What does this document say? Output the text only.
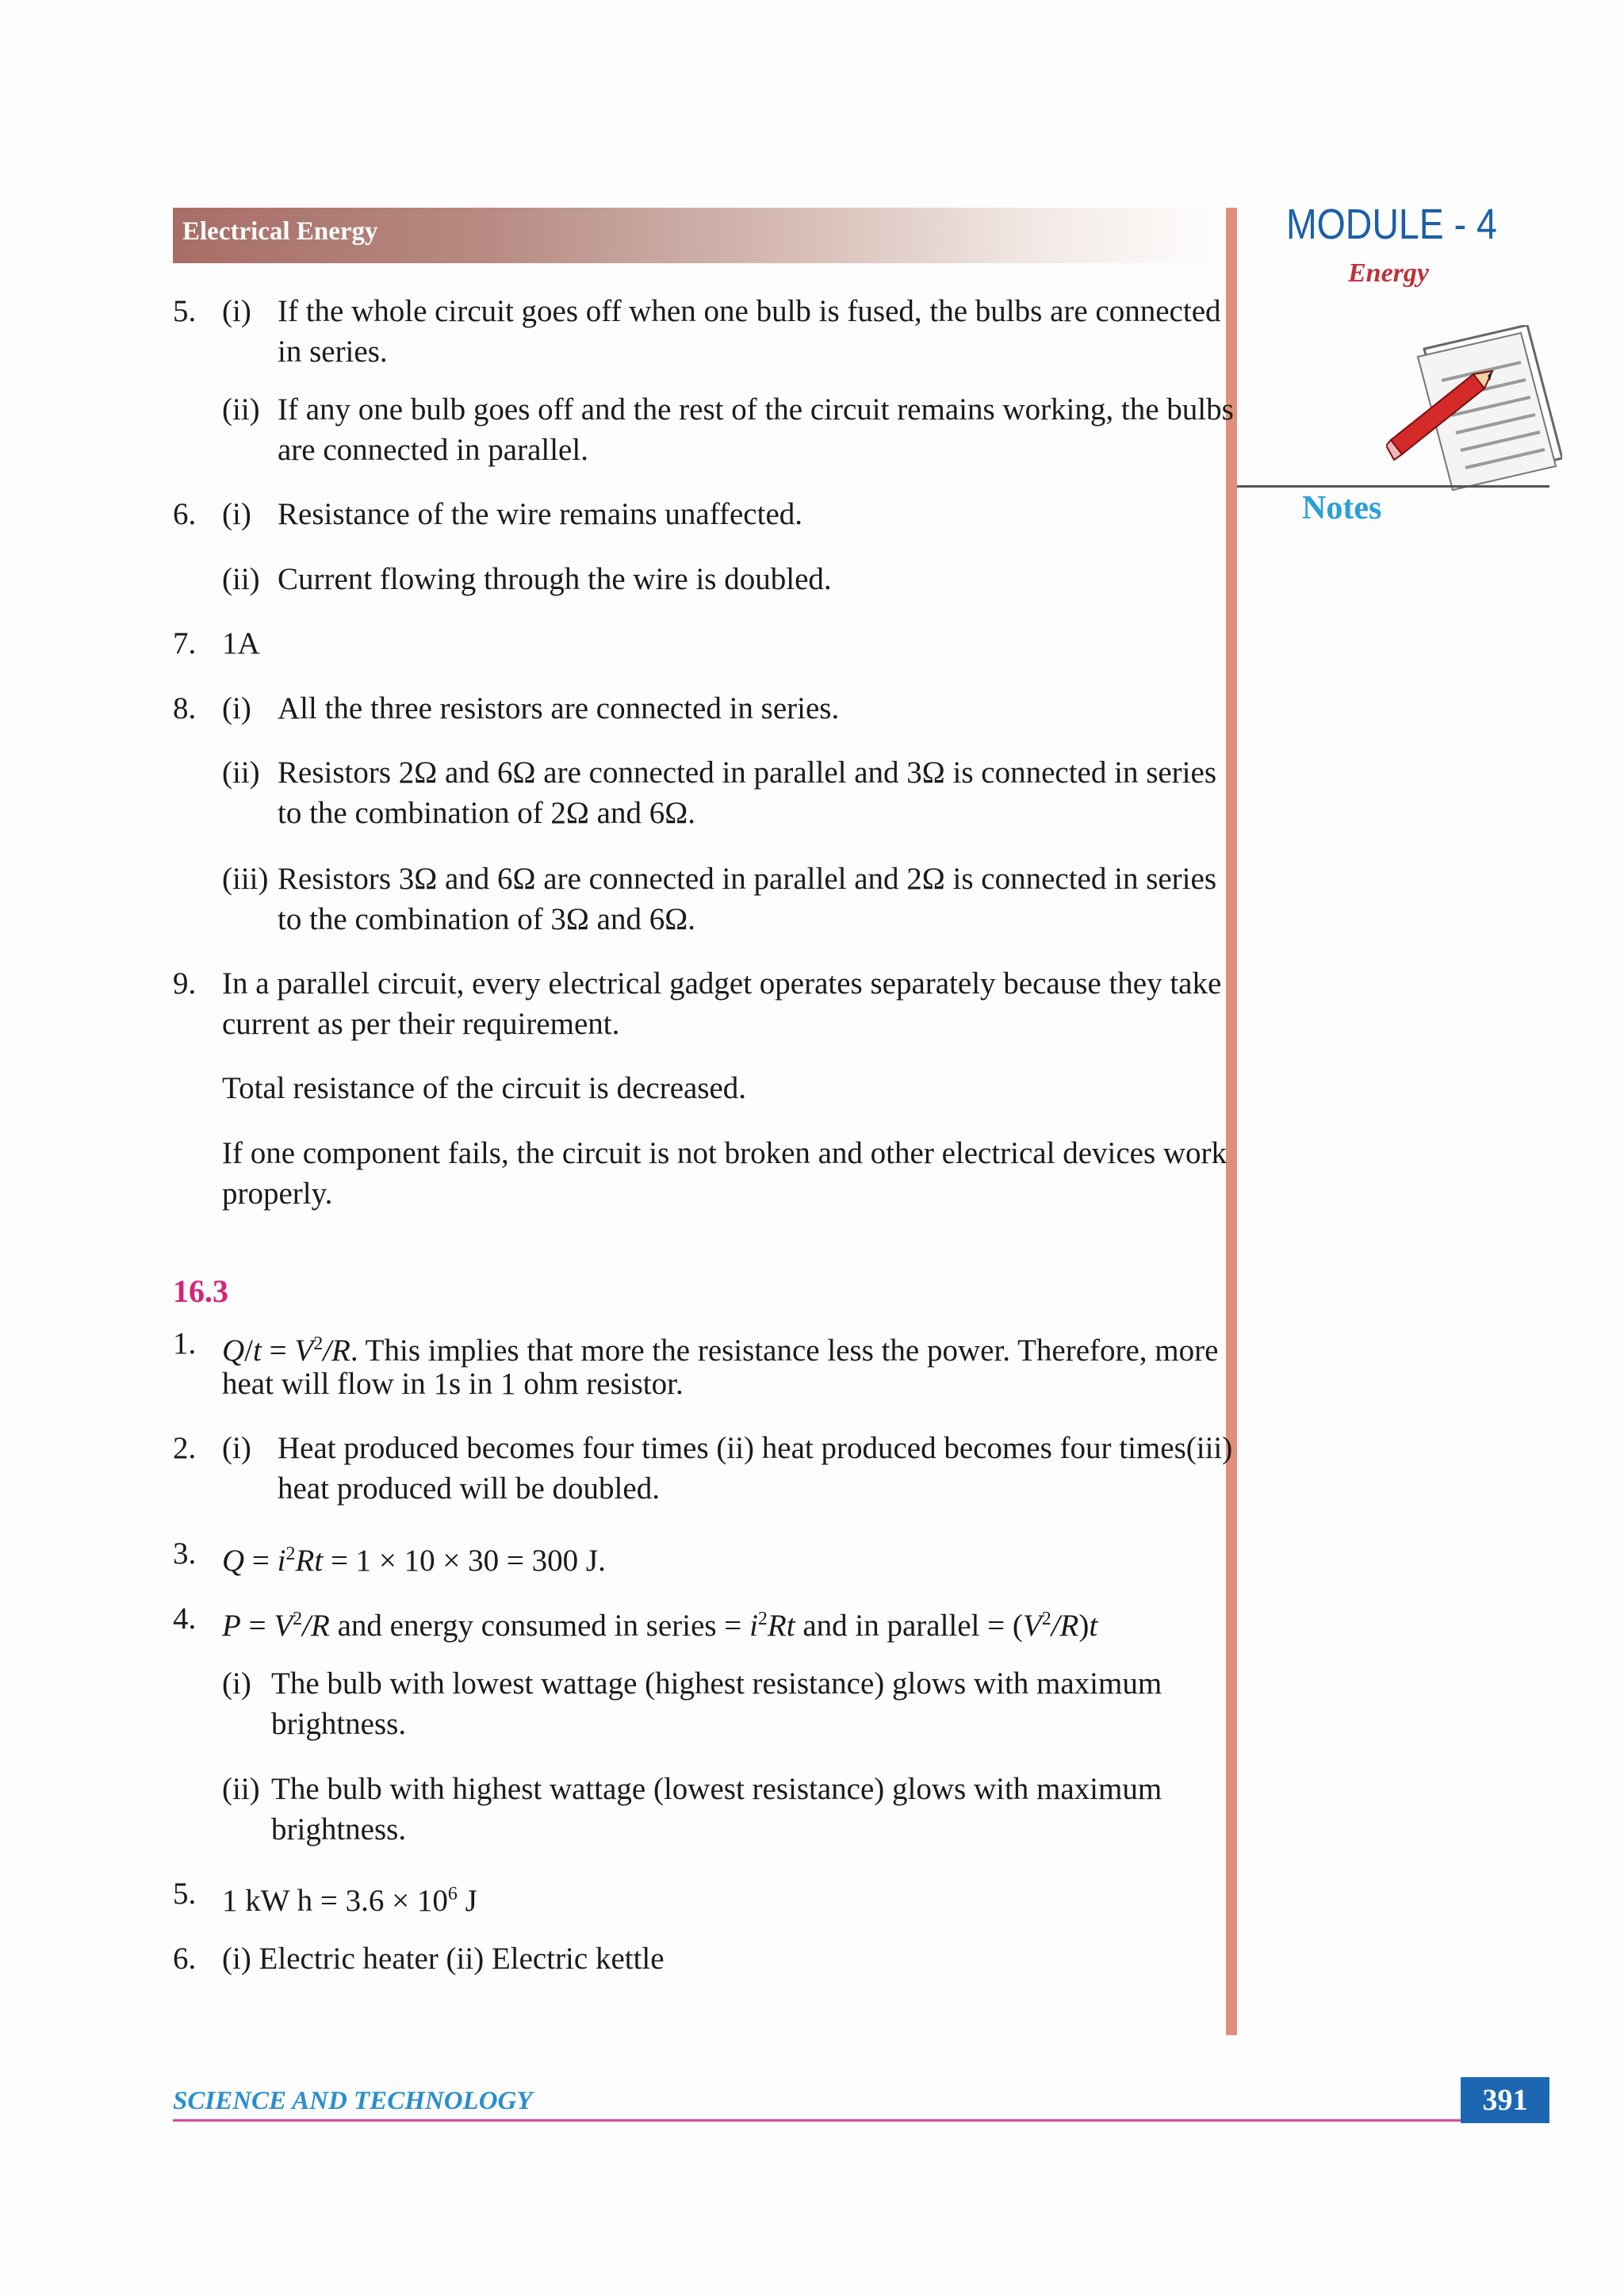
Electrical Energy	MODULE - 4
Energy
Notes
5. (i) If the whole circuit goes off when one bulb is fused, the bulbs are connected
in series.
(ii) If any one bulb goes off and the rest of the circuit remains working, the bulbs
are connected in parallel.
6. (i) Resistance of the wire remains unaffected.
(ii) Current flowing through the wire is doubled.
7. 1A
8. (i) All the three resistors are connected in series.
(ii) Resistors 2Ω and 6Ω are connected in parallel and 3Ω is connected in series
to the combination of 2Ω and 6Ω.
(iii) Resistors 3Ω and 6Ω are connected in parallel and 2Ω is connected in series
to the combination of 3Ω and 6Ω.
9. In a parallel circuit, every electrical gadget operates separately because they take
current as per their requirement.
Total resistance of the circuit is decreased.
If one component fails, the circuit is not broken and other electrical devices work
properly.
16.3
1. $Q/t = V^2/R$. This implies that more the resistance less the power. Therefore, more
heat will flow in 1s in 1 ohm resistor.
2. (i) Heat produced becomes four times (ii) heat produced becomes four times(iii)
heat produced will be doubled.
3. $Q = i^2Rt = 1 \times 10 \times 30 = 300$ J.
4. $P = V^2/R$ and energy consumed in series = $i^2Rt$ and in parallel = $(V^2/R)t$
(i) The bulb with lowest wattage (highest resistance) glows with maximum
brightness.
(ii) The bulb with highest wattage (lowest resistance) glows with maximum
brightness.
5. 1 kW $h = 3.6 \times 10^6$ J
6. (i) Electric heater (ii) Electric kettle
SCIENCE AND TECHNOLOGY	391
